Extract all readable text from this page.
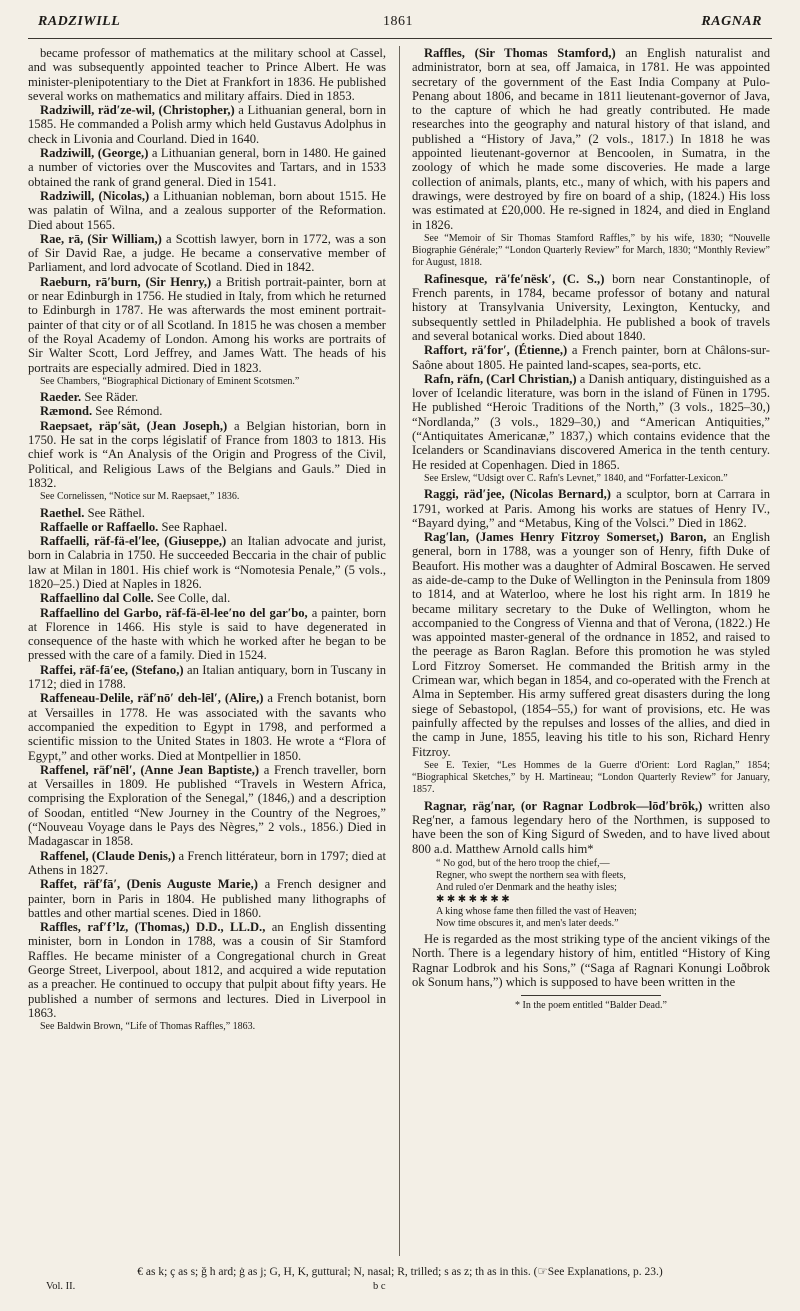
RADZIWILL	1861	RAGNAR

became professor of mathematics at the military school at Cassel, and was subsequently appointed teacher to Prince Albert. He was minister-plenipotentiary to the Diet at Frankfort in 1836. He published several works on mathematics and military affairs. Died in 1853.

Radziwill, räd′ze-wil, (Christopher,) a Lithuanian general, born in 1585. He commanded a Polish army which held Gustavus Adolphus in check in Livonia and Courland. Died in 1640.

Radziwill, (George,) a Lithuanian general, born in 1480. He gained a number of victories over the Muscovites and Tartars, and in 1533 obtained the rank of grand general. Died in 1541.

Radziwill, (Nicolas,) a Lithuanian nobleman, born about 1515. He was palatin of Wilna, and a zealous supporter of the Reformation. Died about 1565.

Rae, rā, (Sir William,) a Scottish lawyer, born in 1772, was a son of Sir David Rae, a judge. He became a conservative member of Parliament, and lord advocate of Scotland. Died in 1842.

Raeburn, rā′burn, (Sir Henry,) a British portrait-painter, born at or near Edinburgh in 1756. He studied in Italy, from which he returned to Edinburgh in 1787. He was afterwards the most eminent portrait-painter of that city or of all Scotland. In 1815 he was chosen a member of the Royal Academy of London. Among his works are portraits of Sir Walter Scott, Lord Jeffrey, and James Watt. The heads of his portraits are especially admired. Died in 1823.

See Chambers, “Biographical Dictionary of Eminent Scotsmen.”

Raeder. See Räder.

Ræmond. See Rémond.

Raepsaet, räp′sät, (Jean Joseph,) a Belgian historian, born in 1750. He sat in the corps législatif of France from 1803 to 1813. His chief work is “An Analysis of the Origin and Progress of the Civil, Political, and Religious Laws of the Belgians and Gauls.” Died in 1832.

See Cornelissen, “Notice sur M. Raepsaet,” 1836.

Raethel. See Räthel.

Raffaelle or Raffaello. See Raphael.

Raffaelli, räf-fä-el′lee, (Giuseppe,) an Italian advocate and jurist, born in Calabria in 1750. He succeeded Beccaria in the chair of public law at Milan in 1801. His chief work is “Nomotesia Penale,” (5 vols., 1820–25.) Died at Naples in 1826.

Raffaellino dal Colle. See Colle, dal.

Raffaellino del Garbo, räf-fä-ēl-lee′no del gar′bo, a painter, born at Florence in 1466. His style is said to have degenerated in consequence of the haste with which he worked after he began to be pressed with the care of a family. Died in 1524.

Raffei, räf-fā′ee, (Stefano,) an Italian antiquary, born in Tuscany in 1712; died in 1788.

Raffeneau-Delile, räf′nō′ deh-lēl′, (Alire,) a French botanist, born at Versailles in 1778. He was associated with the savants who accompanied the expedition to Egypt in 1798, and performed a scientific mission to the United States in 1803. He wrote a “Flora of Egypt,” and other works. Died at Montpellier in 1850.

Raffenel, räf′nēl′, (Anne Jean Baptiste,) a French traveller, born at Versailles in 1809. He published “Travels in Western Africa, comprising the Exploration of the Senegal,” (1846,) and a description of Soodan, entitled “New Journey in the Country of the Negroes,” (“Nouveau Voyage dans le Pays des Nègres,” 2 vols., 1856.) Died in Madagascar in 1858.

Raffenel, (Claude Denis,) a French littérateur, born in 1797; died at Athens in 1827.

Raffet, räf′fā′, (Denis Auguste Marie,) a French designer and painter, born in Paris in 1804. He published many lithographs of battles and other martial scenes. Died in 1860.

Raffles, raf′f’lz, (Thomas,) D.D., LL.D., an English dissenting minister, born in London in 1788, was a cousin of Sir Stamford Raffles. He became minister of a Congregational church in Great George Street, Liverpool, about 1812, and acquired a wide reputation as a preacher. He continued to occupy that pulpit about fifty years. He published a number of sermons and lectures. Died in Liverpool in 1863.

See Baldwin Brown, “Life of Thomas Raffles,” 1863.

Raffles, (Sir Thomas Stamford,) an English naturalist and administrator, born at sea, off Jamaica, in 1781. He was appointed secretary of the government of the East India Company at Pulo-Penang about 1806, and became in 1811 lieutenant-governor of Java, to the capture of which he had greatly contributed. He made researches into the geography and natural history of that island, and published a “History of Java,” (2 vols., 1817.) In 1818 he was appointed lieutenant-governor at Bencoolen, in Sumatra, in the zoology of which he made some discoveries. He made a large collection of animals, plants, etc., many of which, with his papers and drawings, were destroyed by fire on board of a ship, (1824.) His loss was estimated at £20,000. He re-signed in 1824, and died in England in 1826.

See “Memoir of Sir Thomas Stamford Raffles,” by his wife, 1830; “Nouvelle Biographie Générale;” “London Quarterly Review” for March, 1830; “Monthly Review” for August, 1818.

Rafinesque, rä′fe′nësk′, (C. S.,) born near Constantinople, of French parents, in 1784, became professor of botany and natural history at Transylvania University, Lexington, Kentucky, and subsequently settled in Philadelphia. He published a book of travels and several botanical works. Died about 1840.

Raffort, rä′for′, (Étienne,) a French painter, born at Châlons-sur-Saône about 1805. He painted land-scapes, sea-ports, etc.

Rafn, räfn, (Carl Christian,) a Danish antiquary, distinguished as a lover of Icelandic literature, was born in the island of Fünen in 1795. He published “Heroic Traditions of the North,” (3 vols., 1825–30,) “Nordlanda,” (3 vols., 1829–30,) and “American Antiquities,” (“Antiquitates Americanæ,” 1837,) which contains evidence that the Icelanders or Scandinavians discovered America in the tenth century. He resided at Copenhagen. Died in 1865.

See Erslew, “Udsigt over C. Rafn's Levnet,” 1840, and “Forfatter-Lexicon.”

Raggi, räd′jee, (Nicolas Bernard,) a sculptor, born at Carrara in 1791, worked at Paris. Among his works are statues of Henry IV., “Bayard dying,” and “Metabus, King of the Volsci.” Died in 1862.

Rag′lan, (James Henry Fitzroy Somerset,) Baron, an English general, born in 1788, was a younger son of Henry, fifth Duke of Beaufort. His mother was a daughter of Admiral Boscawen. He served as aide-de-camp to the Duke of Wellington in the Peninsula from 1809 to 1814, and at Waterloo, where he lost his right arm. In 1819 he became military secretary to the Duke of Wellington, whom he accompanied to the Congress of Vienna and that of Verona, (1822.) He was appointed master-general of the ordnance in 1852, and raised to the peerage as Baron Raglan. Before this promotion he was styled Lord Fitzroy Somerset. He commanded the British army in the Crimean war, which began in 1854, and co-operated with the French at Alma in September. His army suffered great disasters during the long siege of Sebastopol, (1854–55,) for want of provisions, etc. He was painfully affected by the repulses and losses of the allies, and died in the camp in June, 1855, leaving his title to his son, Richard Henry Fitzroy.

See E. Texier, “Les Hommes de la Guerre d'Orient: Lord Raglan,” 1854; “Biographical Sketches,” by H. Martineau; “London Quarterly Review” for January, 1857.

Ragnar, räg′nar, (or Ragnar Lodbrok—lōd′brōk,) written also Reg′ner, a famous legendary hero of the Northmen, is supposed to have been the son of King Sigurd of Sweden, and to have lived about 800 a.d. Matthew Arnold calls him*

“ No god, but of the hero troop the chief,—
Regner, who swept the northern sea with fleets,
And ruled o'er Denmark and the heathy isles;
✱ ✱ ✱ ✱ ✱ ✱ ✱
A king whose fame then filled the vast of Heaven;
Now time obscures it, and men's later deeds.”

He is regarded as the most striking type of the ancient vikings of the North. There is a legendary history of him, entitled “History of King Ragnar Lodbrok and his Sons,” (“Saga af Ragnari Konungi Loðbrok ok Sonum hans,”) which is supposed to have been written in the

* In the poem entitled “Balder Dead.”
€ as k; ç as s; ğ h ard; ġ as j; G, H, K, guttural; N, nasal; R, trilled; s as z; th as in this. (☞See Explanations, p. 23.)
Vol. II.	b c
